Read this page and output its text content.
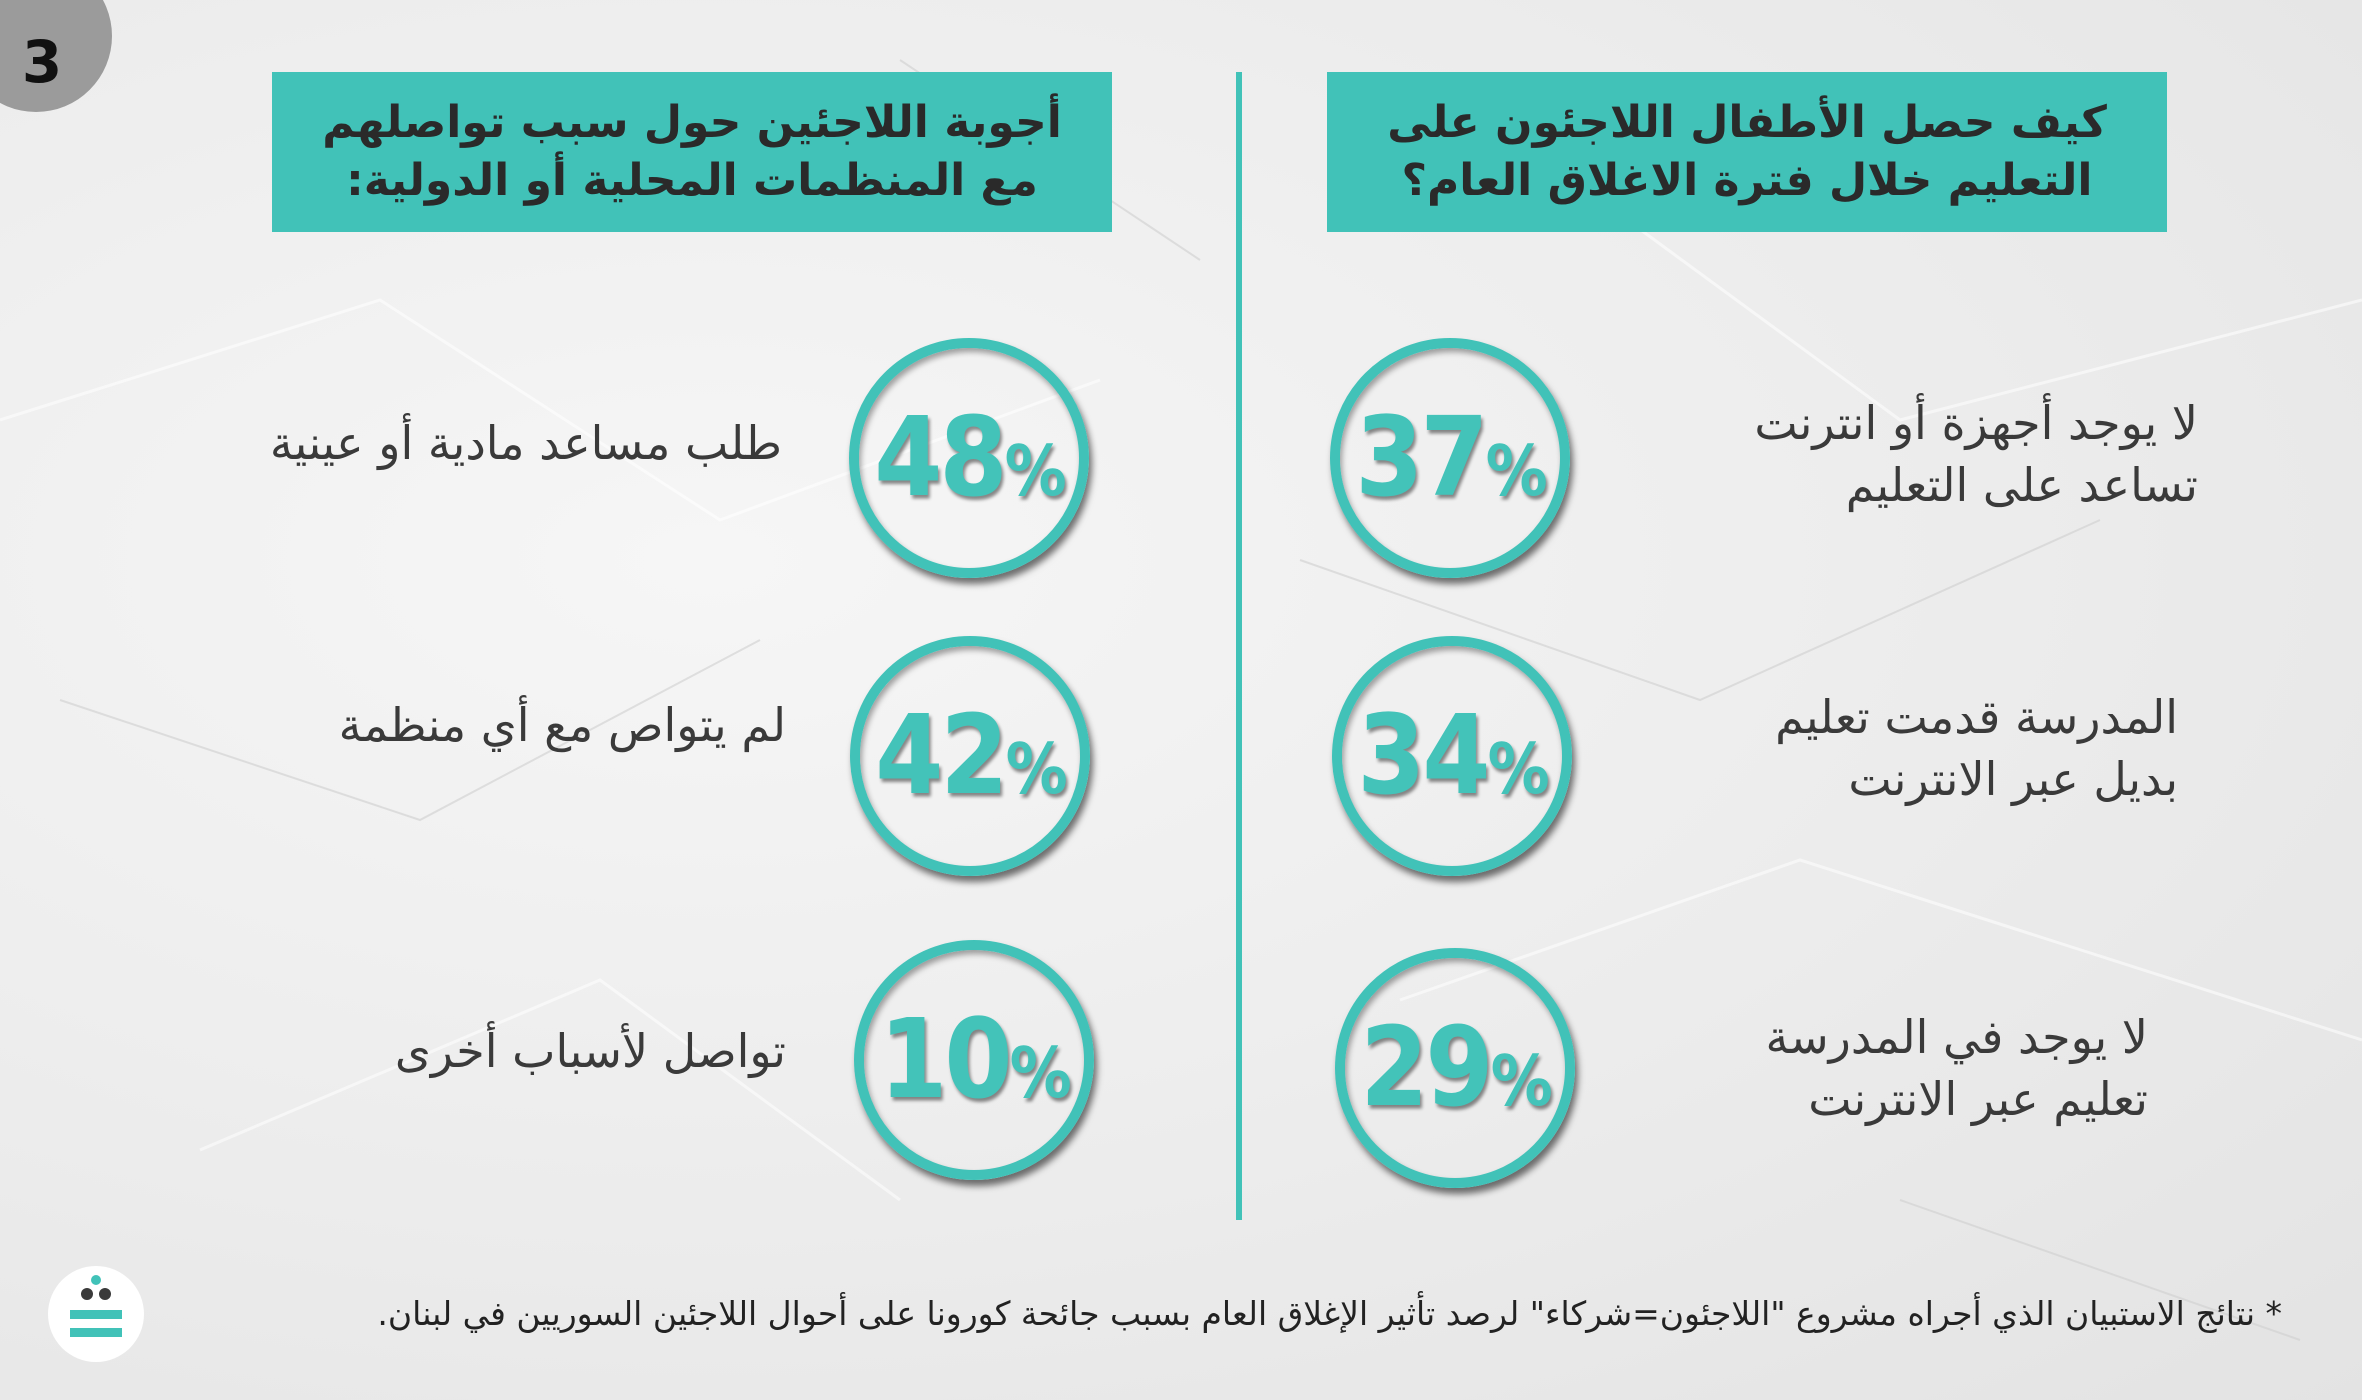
3
كيف حصل الأطفال اللاجئون على
التعليم خلال فترة الاغلاق العام؟
أجوبة اللاجئين حول سبب تواصلهم
مع المنظمات المحلية أو الدولية:
37%
لا يوجد أجهزة أو انترنت
تساعد على التعليم
34%
المدرسة قدمت تعليم
بديل عبر الانترنت
29%
لا يوجد في المدرسة
تعليم عبر الانترنت
48%
طلب مساعد مادية أو عينية
42%
لم يتواص مع أي منظمة
10%
تواصل لأسباب أخرى
* نتائج الاستبيان الذي أجراه مشروع "اللاجئون=شركاء" لرصد تأثير الإغلاق العام بسبب جائحة كورونا على أحوال اللاجئين السوريين في لبنان.
